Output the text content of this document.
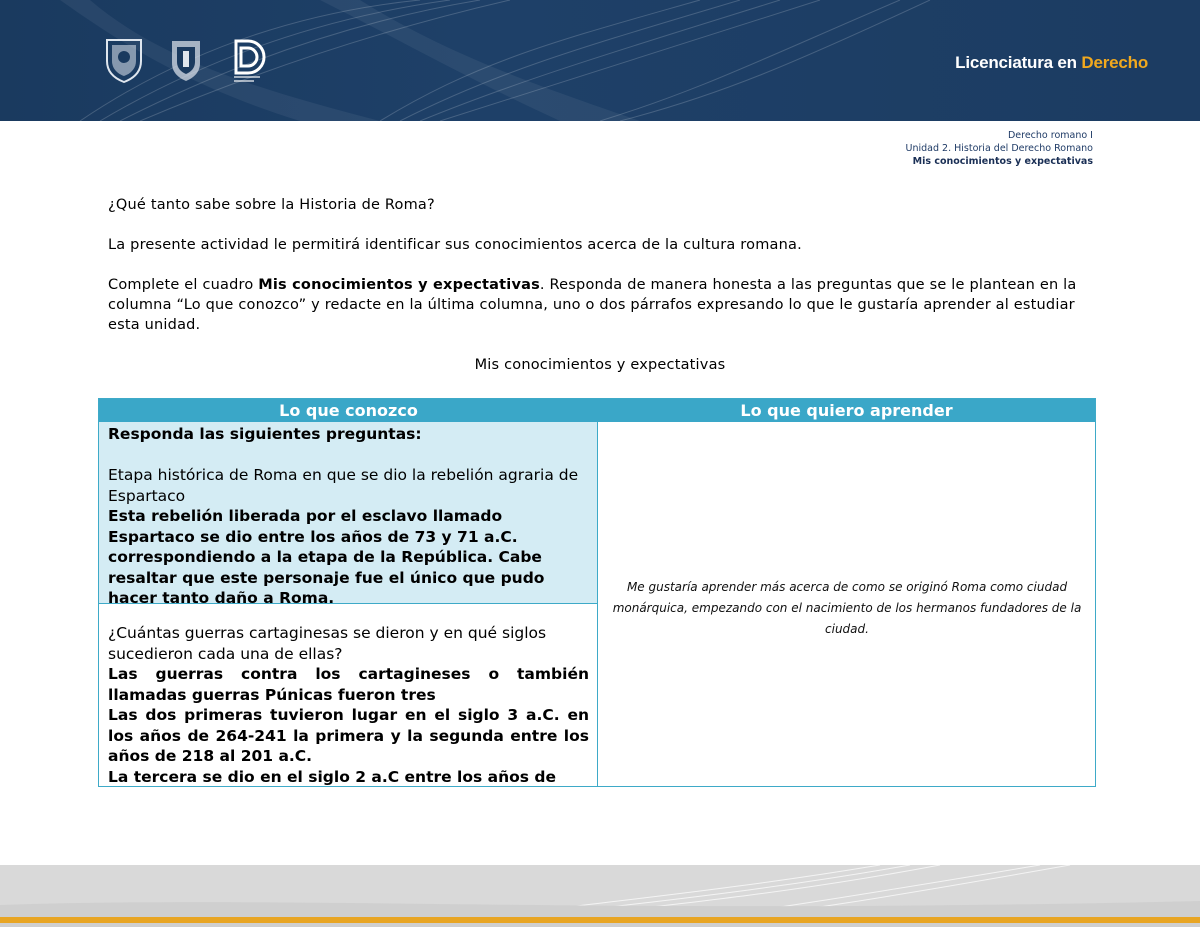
Licenciatura en Derecho
Derecho romano I
Unidad 2. Historia del Derecho Romano
Mis conocimientos y expectativas
¿Qué tanto sabe sobre la Historia de Roma?
La presente actividad le permitirá identificar sus conocimientos acerca de la cultura romana.
Complete el cuadro Mis conocimientos y expectativas. Responda de manera honesta a las preguntas que se le plantean en la columna “Lo que conozco” y redacte en la última columna, uno o dos párrafos expresando lo que le gustaría aprender al estudiar esta unidad.
Mis conocimientos y expectativas
Lo que conozco	Lo que quiero aprender
Responda las siguientes preguntas:
Etapa histórica de Roma en que se dio la rebelión agraria de Espartaco
Esta rebelión liberada por el esclavo llamado Espartaco se dio entre los años de 73 y 71 a.C. correspondiendo a la etapa de la República. Cabe resaltar que este personaje fue el único que pudo hacer tanto daño a Roma.
¿Cuántas guerras cartaginesas se dieron y en qué siglos sucedieron cada una de ellas?
Las guerras contra los cartagineses o también llamadas guerras Púnicas fueron tres
Las dos primeras tuvieron lugar en el siglo 3 a.C. en los años de 264-241 la primera y la segunda entre los años de 218 al 201 a.C.
La tercera se dio en el siglo 2 a.C entre los años de
Me gustaría aprender más acerca de como se originó Roma como ciudad monárquica, empezando con el nacimiento de los hermanos fundadores de la ciudad.
